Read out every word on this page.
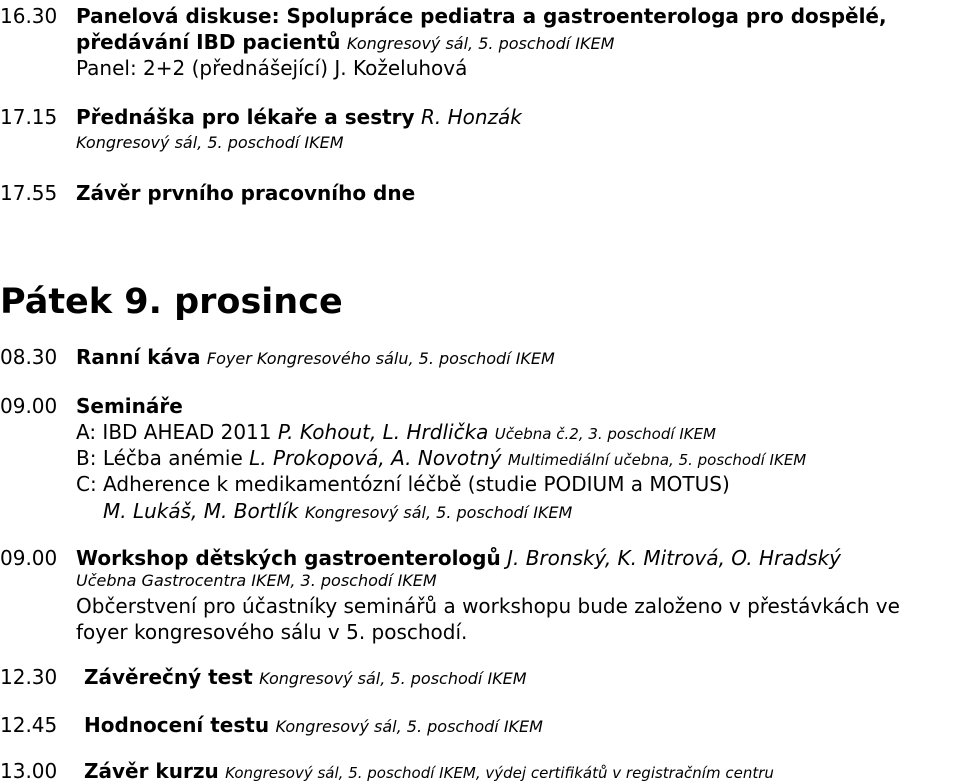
16.30 Panelová diskuse: Spolupráce pediatra a gastroenterologa pro dospělé,
předávání IBD pacientů Kongresový sál, 5. poschodí IKEM
Panel: 2+2 (přednášející) J. Koželuhová
17.15 Přednáška pro lékaře a sestry R. Honzák
Kongresový sál, 5. poschodí IKEM
17.55 Závěr prvního pracovního dne
Pátek 9. prosince
08.30 Ranní káva Foyer Kongresového sálu, 5. poschodí IKEM
09.00 Semináře
A: IBD AHEAD 2011 P. Kohout, L. Hrdlička Učebna č.2, 3. poschodí IKEM
B: Léčba anémie L. Prokopová, A. Novotný Multimediální učebna, 5. poschodí IKEM
C: Adherence k medikamentózní léčbě (studie PODIUM a MOTUS)
M. Lukáš, M. Bortlík Kongresový sál, 5. poschodí IKEM
09.00 Workshop dětských gastroenterologů J. Bronský, K. Mitrová, O. Hradský
Učebna Gastrocentra IKEM, 3. poschodí IKEM
Občerstvení pro účastníky seminářů a workshopu bude založeno v přestávkách ve
foyer kongresového sálu v 5. poschodí.
12.30 Závěrečný test Kongresový sál, 5. poschodí IKEM
12.45 Hodnocení testu Kongresový sál, 5. poschodí IKEM
13.00 Závěr kurzu Kongresový sál, 5. poschodí IKEM, výdej certifikátů v registračním centru
